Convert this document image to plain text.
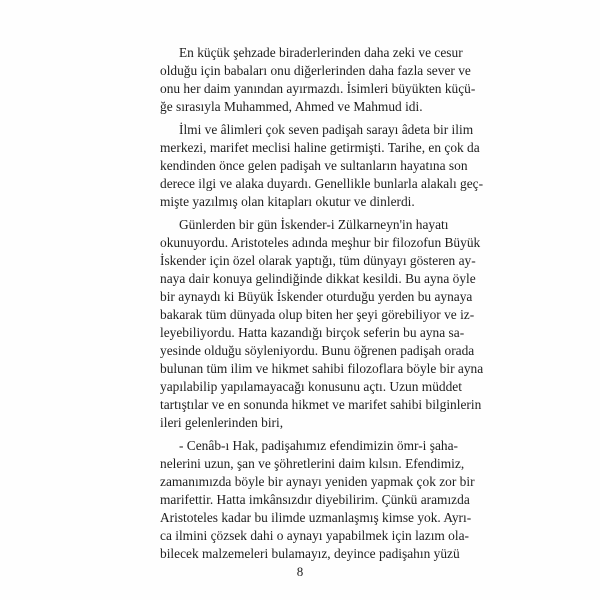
En küçük şehzade biraderlerinden daha zeki ve cesur
olduğu için babaları onu diğerlerinden daha fazla sever ve
onu her daim yanından ayırmazdı. İsimleri büyükten küçü-
ğe sırasıyla Muhammed, Ahmed ve Mahmud idi.

İlmi ve âlimleri çok seven padişah sarayı âdeta bir ilim
merkezi, marifet meclisi haline getirmişti. Tarihe, en çok da
kendinden önce gelen padişah ve sultanların hayatına son
derece ilgi ve alaka duyardı. Genellikle bunlarla alakalı geç-
mişte yazılmış olan kitapları okutur ve dinlerdi.

Günlerden bir gün İskender-i Zülkarneyn'in hayatı
okunuyordu. Aristoteles adında meşhur bir filozofun Büyük
İskender için özel olarak yaptığı, tüm dünyayı gösteren ay-
naya dair konuya gelindiğinde dikkat kesildi. Bu ayna öyle
bir aynaydı ki Büyük İskender oturduğu yerden bu aynaya
bakarak tüm dünyada olup biten her şeyi görebiliyor ve iz-
leyebiliyordu. Hatta kazandığı birçok seferin bu ayna sa-
yesinde olduğu söyleniyordu. Bunu öğrenen padişah orada
bulunan tüm ilim ve hikmet sahibi filozoflara böyle bir ayna
yapılabilip yapılamayacağı konusunu açtı. Uzun müddet
tartıştılar ve en sonunda hikmet ve marifet sahibi bilginlerin
ileri gelenlerinden biri,

- Cenâb-ı Hak, padişahımız efendimizin ömr-i şaha-
nelerini uzun, şan ve şöhretlerini daim kılsın. Efendimiz,
zamanımızda böyle bir aynayı yeniden yapmak çok zor bir
marifettir. Hatta imkânsızdır diyebilirim. Çünkü aramızda
Aristoteles kadar bu ilimde uzmanlaşmış kimse yok. Ayrı-
ca ilmini çözsek dahi o aynayı yapabilmek için lazım ola-
bilecek malzemeleri bulamayız, deyince padişahın yüzü

8
